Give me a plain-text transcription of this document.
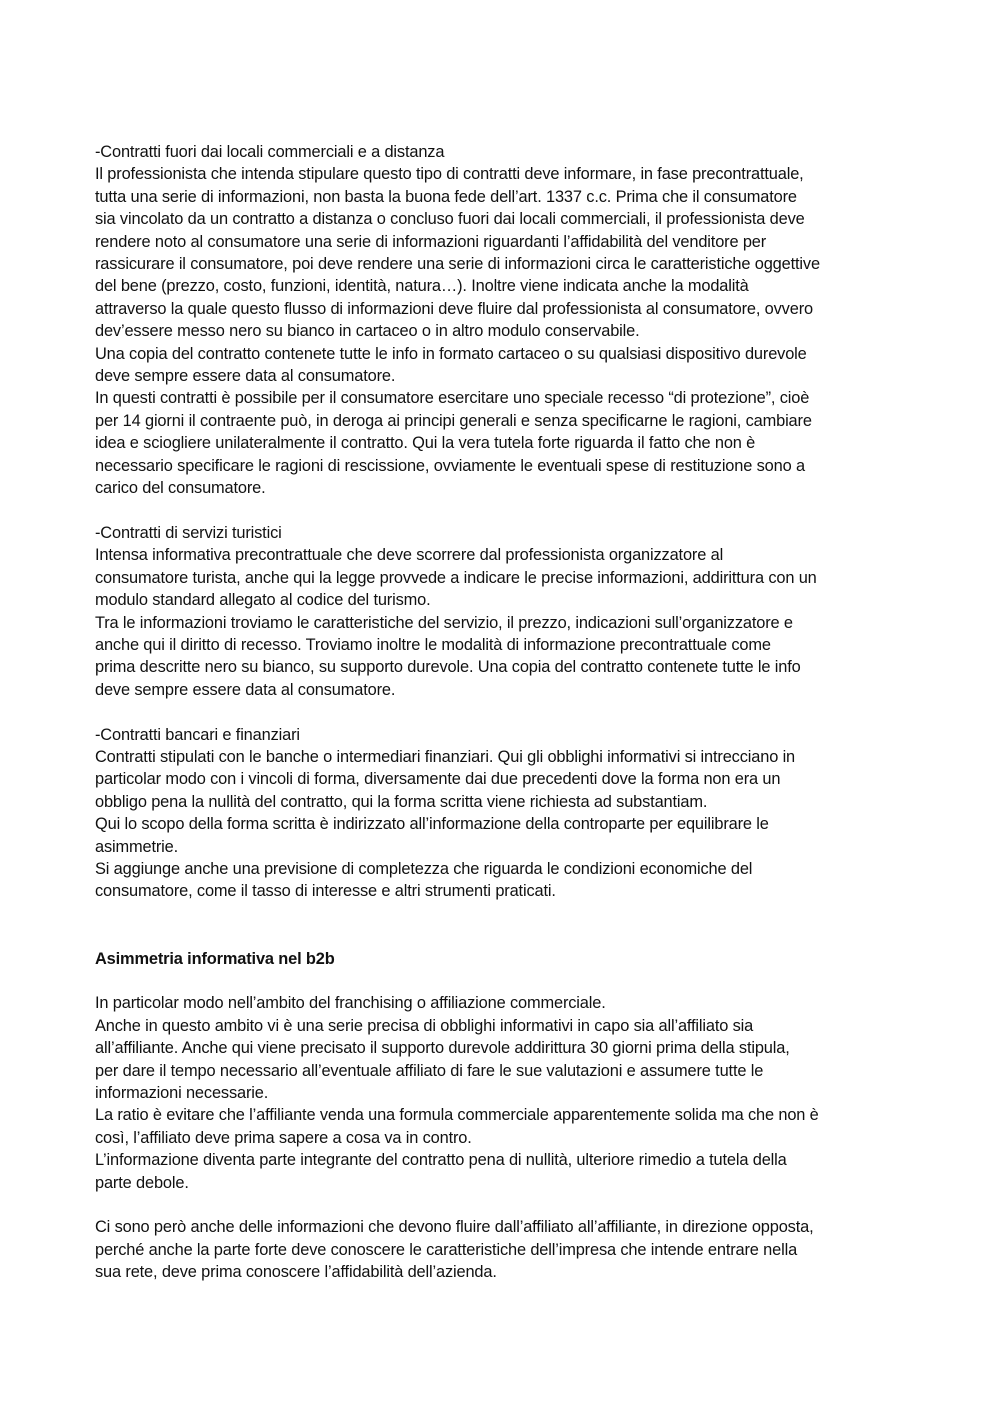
-Contratti fuori dai locali commerciali e a distanza
Il professionista che intenda stipulare questo tipo di contratti deve informare, in fase precontrattuale,
tutta una serie di informazioni, non basta la buona fede dell’art. 1337 c.c. Prima che il consumatore
sia vincolato da un contratto a distanza o concluso fuori dai locali commerciali, il professionista deve
rendere noto al consumatore una serie di informazioni riguardanti l’affidabilità del venditore per
rassicurare il consumatore, poi deve rendere una serie di informazioni circa le caratteristiche oggettive
del bene (prezzo, costo, funzioni, identità, natura…). Inoltre viene indicata anche la modalità
attraverso la quale questo flusso di informazioni deve fluire dal professionista al consumatore, ovvero
dev’essere messo nero su bianco in cartaceo o in altro modulo conservabile.
Una copia del contratto contenete tutte le info in formato cartaceo o su qualsiasi dispositivo durevole
deve sempre essere data al consumatore.
In questi contratti è possibile per il consumatore esercitare uno speciale recesso “di protezione”, cioè
per 14 giorni il contraente può, in deroga ai principi generali e senza specificarne le ragioni, cambiare
idea e sciogliere unilateralmente il contratto. Qui la vera tutela forte riguarda il fatto che non è
necessario specificare le ragioni di rescissione, ovviamente le eventuali spese di restituzione sono a
carico del consumatore.
-Contratti di servizi turistici
Intensa informativa precontrattuale che deve scorrere dal professionista organizzatore al
consumatore turista, anche qui la legge provvede a indicare le precise informazioni, addirittura con un
modulo standard allegato al codice del turismo.
Tra le informazioni troviamo le caratteristiche del servizio, il prezzo, indicazioni sull’organizzatore e
anche qui il diritto di recesso. Troviamo inoltre le modalità di informazione precontrattuale come
prima descritte nero su bianco, su supporto durevole. Una copia del contratto contenete tutte le info
deve sempre essere data al consumatore.
-Contratti bancari e finanziari
Contratti stipulati con le banche o intermediari finanziari. Qui gli obblighi informativi si intrecciano in
particolar modo con i vincoli di forma, diversamente dai due precedenti dove la forma non era un
obbligo pena la nullità del contratto, qui la forma scritta viene richiesta ad substantiam.
Qui lo scopo della forma scritta è indirizzato all’informazione della controparte per equilibrare le
asimmetrie.
Si aggiunge anche una previsione di completezza che riguarda le condizioni economiche del
consumatore, come il tasso di interesse e altri strumenti praticati.
Asimmetria informativa nel b2b
In particolar modo nell’ambito del franchising o affiliazione commerciale.
Anche in questo ambito vi è una serie precisa di obblighi informativi in capo sia all’affiliato sia
all’affiliante. Anche qui viene precisato il supporto durevole addirittura 30 giorni prima della stipula,
per dare il tempo necessario all’eventuale affiliato di fare le sue valutazioni e assumere tutte le
informazioni necessarie.
La ratio è evitare che l’affiliante venda una formula commerciale apparentemente solida ma che non è
così, l’affiliato deve prima sapere a cosa va in contro.
L’informazione diventa parte integrante del contratto pena di nullità, ulteriore rimedio a tutela della
parte debole.
Ci sono però anche delle informazioni che devono fluire dall’affiliato all’affiliante, in direzione opposta,
perché anche la parte forte deve conoscere le caratteristiche dell’impresa che intende entrare nella
sua rete, deve prima conoscere l’affidabilità dell’azienda.
